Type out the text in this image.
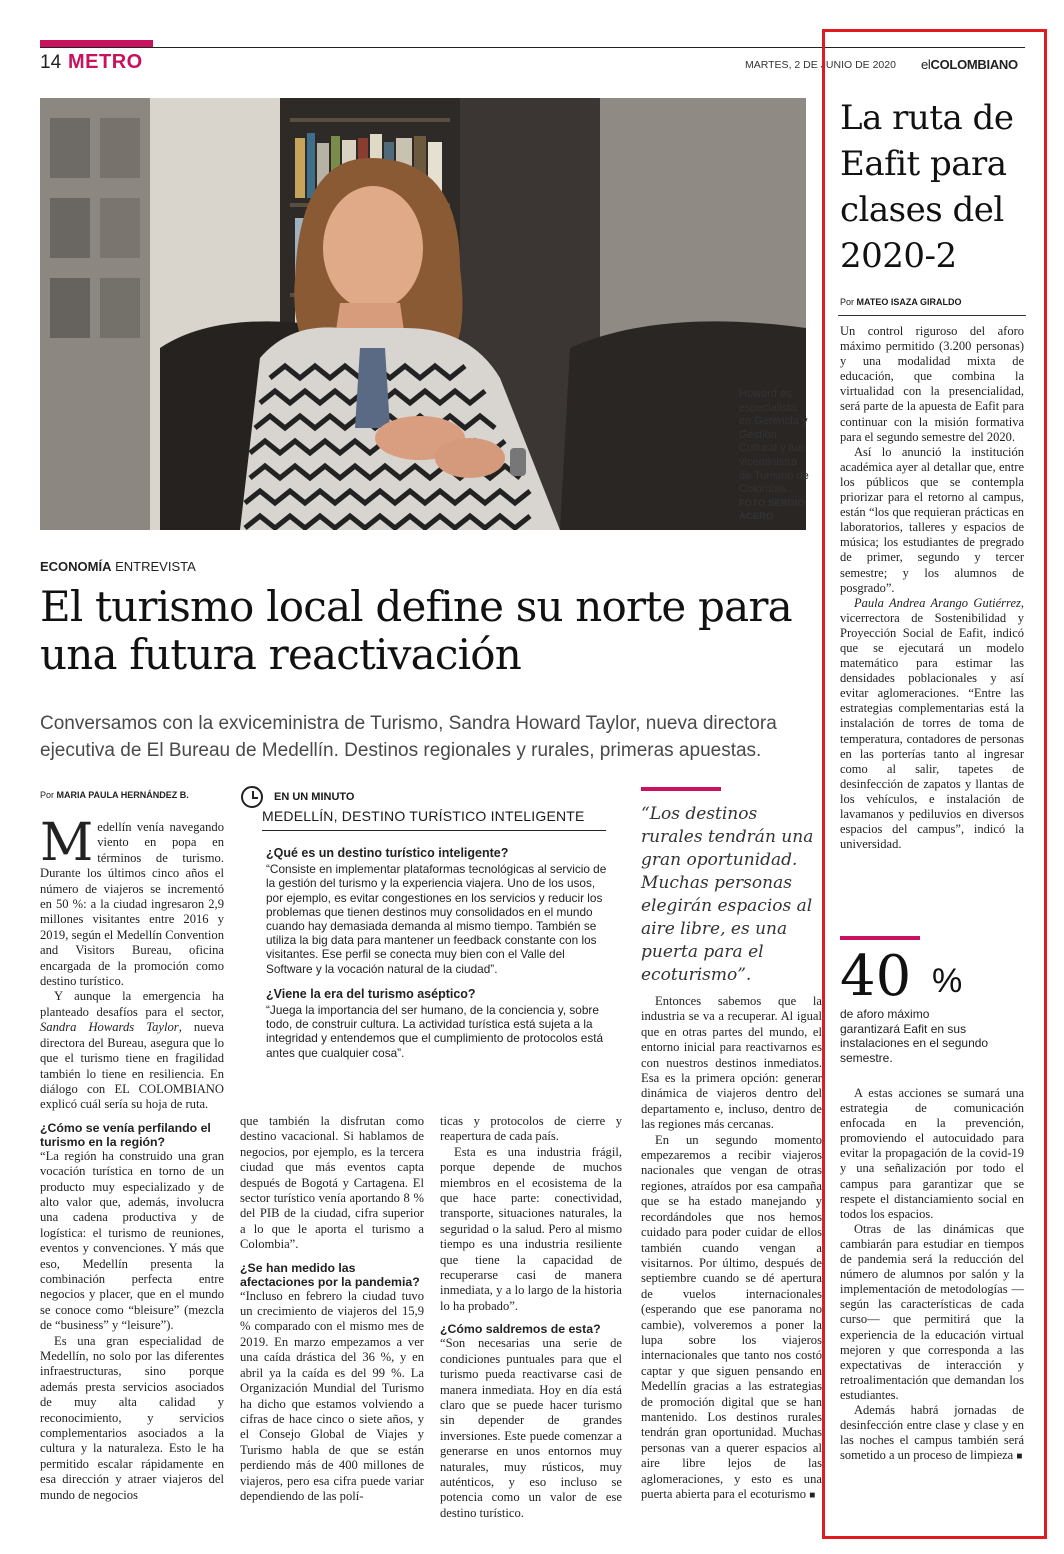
14 METRO	MARTES, 2 DE JUNIO DE 2020 elCOLOMBIANO
Howard es especialista en Gerencia y Gestión Cultural y fue viceministra de Turismo de Colombia.
FOTO SERGIO ACERO
ECONOMÍA ENTREVISTA
El turismo local define su norte para una futura reactivación
Conversamos con la exviceministra de Turismo, Sandra Howard Taylor, nueva directora ejecutiva de El Bureau de Medellín. Destinos regionales y rurales, primeras apuestas.
Por MARIA PAULA HERNÁNDEZ B.

Medellín venía navegando viento en popa en términos de turismo. Durante los últimos cinco años el número de viajeros se incrementó en 50 %: a la ciudad ingresaron 2,9 millones visitantes entre 2016 y 2019, según el Medellín Convention and Visitors Bureau, oficina encargada de la promoción como destino turístico.

Y aunque la emergencia ha planteado desafíos para el sector, Sandra Howards Taylor, nueva directora del Bureau, asegura que lo que el turismo tiene en fragilidad también lo tiene en resiliencia. En diálogo con EL COLOMBIANO explicó cuál sería su hoja de ruta.

¿Cómo se venía perfilando el turismo en la región?

“La región ha construido una gran vocación turística en torno de un producto muy especializado y de alto valor que, además, involucra una cadena productiva y de logística: el turismo de reuniones, eventos y convenciones. Y más que eso, Medellín presenta la combinación perfecta entre negocios y placer, que en el mundo se conoce como “bleisure” (mezcla de “business” y “leisure”).

Es una gran especialidad de Medellín, no solo por las diferentes infraestructuras, sino porque además presta servicios asociados de muy alta calidad y reconocimiento, y servicios complementarios asociados a la cultura y la naturaleza. Esto le ha permitido escalar rápidamente en esa dirección y atraer viajeros del mundo de negocios

que también la disfrutan como destino vacacional. Si hablamos de negocios, por ejemplo, es la tercera ciudad que más eventos capta después de Bogotá y Cartagena. El sector turístico venía aportando 8 % del PIB de la ciudad, cifra superior a lo que le aporta el turismo a Colombia”.

¿Se han medido las afectaciones por la pandemia?

“Incluso en febrero la ciudad tuvo un crecimiento de viajeros del 15,9 % comparado con el mismo mes de 2019. En marzo empezamos a ver una caída drástica del 36 %, y en abril ya la caída es del 99 %. La Organización Mundial del Turismo ha dicho que estamos volviendo a cifras de hace cinco o siete años, y el Consejo Global de Viajes y Turismo habla de que se están perdiendo más de 400 millones de viajeros, pero esa cifra puede variar dependiendo de las polí-

ticas y protocolos de cierre y reapertura de cada país.

Esta es una industria frágil, porque depende de muchos miembros en el ecosistema de la que hace parte: conectividad, transporte, situaciones naturales, la seguridad o la salud. Pero al mismo tiempo es una industria resiliente que tiene la capacidad de recuperarse casi de manera inmediata, y a lo largo de la historia lo ha probado”.

¿Cómo saldremos de esta?

“Son necesarias una serie de condiciones puntuales para que el turismo pueda reactivarse casi de manera inmediata. Hoy en día está claro que se puede hacer turismo sin depender de grandes inversiones. Este puede comenzar a generarse en unos entornos muy naturales, muy rústicos, muy auténticos, y eso incluso se potencia como un valor de ese destino turístico.

EN UN MINUTO
MEDELLÍN, DESTINO TURÍSTICO INTELIGENTE
¿Qué es un destino turístico inteligente?
“Consiste en implementar plataformas tecnológicas al servicio de la gestión del turismo y la experiencia viajera. Uno de los usos, por ejemplo, es evitar congestiones en los servicios y reducir los problemas que tienen destinos muy consolidados en el mundo cuando hay demasiada demanda al mismo tiempo. También se utiliza la big data para mantener un feedback constante con los visitantes. Ese perfil se conecta muy bien con el Valle del Software y la vocación natural de la ciudad”.
¿Viene la era del turismo aséptico?
“Juega la importancia del ser humano, de la conciencia y, sobre todo, de construir cultura. La actividad turística está sujeta a la integridad y entendemos que el cumplimiento de protocolos está antes que cualquier cosa”.
“Los destinos rurales tendrán una gran oportunidad. Muchas personas elegirán espacios al aire libre, es una puerta para el ecoturismo”.

Entonces sabemos que la industria se va a recuperar. Al igual que en otras partes del mundo, el entorno inicial para reactivarnos es con nuestros destinos inmediatos. Esa es la primera opción: generar dinámica de viajeros dentro del departamento e, incluso, dentro de las regiones más cercanas.

En un segundo momento empezaremos a recibir viajeros nacionales que vengan de otras regiones, atraídos por esa campaña que se ha estado manejando y recordándoles que nos hemos cuidado para poder cuidar de ellos también cuando vengan a visitarnos. Por último, después de septiembre cuando se dé apertura de vuelos internacionales (esperando que ese panorama no cambie), volveremos a poner la lupa sobre los viajeros internacionales que tanto nos costó captar y que siguen pensando en Medellín gracias a las estrategias de promoción digital que se han mantenido. Los destinos rurales tendrán gran oportunidad. Muchas personas van a querer espacios al aire libre lejos de las aglomeraciones, y esto es una puerta abierta para el ecoturismo ■

La ruta de Eafit para clases del 2020-2
Por MATEO ISAZA GIRALDO

Un control riguroso del aforo máximo permitido (3.200 personas) y una modalidad mixta de educación, que combina la virtualidad con la presencialidad, será parte de la apuesta de Eafit para continuar con la misión formativa para el segundo semestre del 2020.

Así lo anunció la institución académica ayer al detallar que, entre los públicos que se contempla priorizar para el retorno al campus, están “los que requieran prácticas en laboratorios, talleres y espacios de música; los estudiantes de pregrado de primer, segundo y tercer semestre; y los alumnos de posgrado”.

Paula Andrea Arango Gutiérrez, vicerrectora de Sostenibilidad y Proyección Social de Eafit, indicó que se ejecutará un modelo matemático para estimar las densidades poblacionales y así evitar aglomeraciones. “Entre las estrategias complementarias está la instalación de torres de toma de temperatura, contadores de personas en las porterías tanto al ingresar como al salir, tapetes de desinfección de zapatos y llantas de los vehículos, e instalación de lavamanos y pediluvios en diversos espacios del campus”, indicó la universidad.

40 %
de aforo máximo garantizará Eafit en sus instalaciones en el segundo semestre.

A estas acciones se sumará una estrategia de comunicación enfocada en la prevención, promoviendo el autocuidado para evitar la propagación de la covid-19 y una señalización por todo el campus para garantizar que se respete el distanciamiento social en todos los espacios.

Otras de las dinámicas que cambiarán para estudiar en tiempos de pandemia será la reducción del número de alumnos por salón y la implementación de metodologías —según las características de cada curso— que permitirá que la experiencia de la educación virtual mejoren y que corresponda a las expectativas de interacción y retroalimentación que demandan los estudiantes.

Además habrá jornadas de desinfección entre clase y clase y en las noches el campus también será sometido a un proceso de limpieza ■
